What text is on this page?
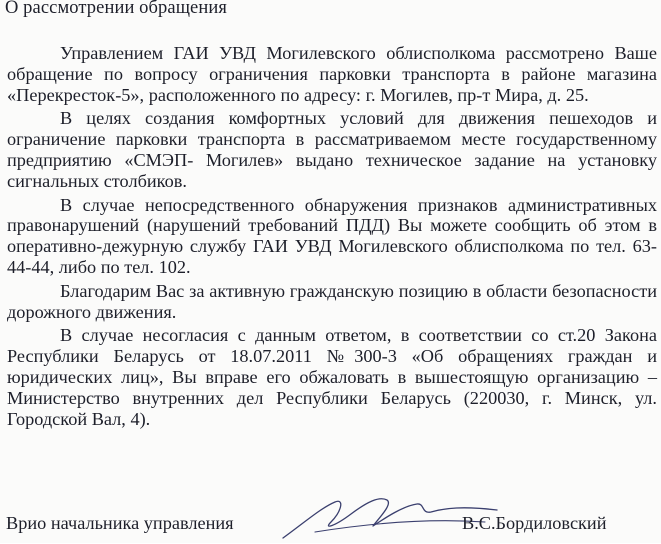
О рассмотрении обращения

Управлением ГАИ УВД Могилевского облисполкома рассмотрено Ваше обращение по вопросу ограничения парковки транспорта в районе магазина «Перекресток-5», расположенного по адресу: г. Могилев, пр-т Мира, д. 25.

В целях создания комфортных условий для движения пешеходов и ограничение парковки транспорта в рассматриваемом месте государственному предприятию «СМЭП- Могилев» выдано техническое задание на установку сигнальных столбиков.

В случае непосредственного обнаружения признаков административных правонарушений (нарушений требований ПДД) Вы можете сообщить об этом в оперативно-дежурную службу ГАИ УВД Могилевского облисполкома по тел. 63-44-44, либо по тел. 102.

Благодарим Вас за активную гражданскую позицию в области безопасности дорожного движения.

В случае несогласия с данным ответом, в соответствии со ст.20 Закона Республики Беларусь от 18.07.2011 №300-3 «Об обращениях граждан и юридических лиц», Вы вправе его обжаловать в вышестоящую организацию – Министерство внутренних дел Республики Беларусь (220030, г. Минск, ул. Городской Вал, 4).

Врио начальника управления	В.С.Бордиловский
